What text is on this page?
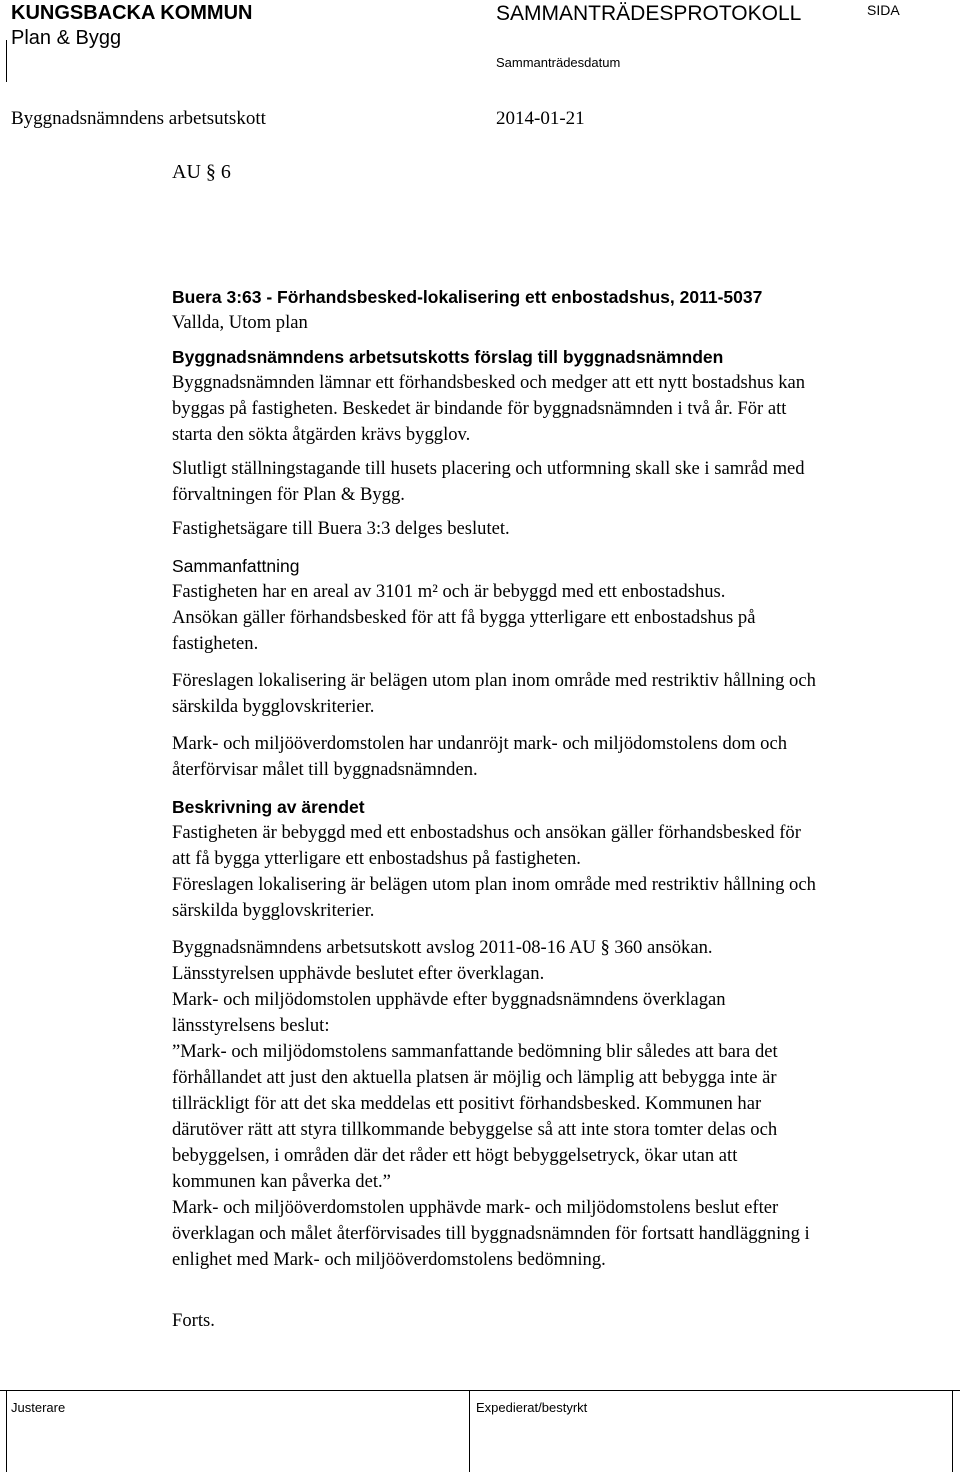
KUNGSBACKA KOMMUN
Plan & Bygg
SAMMANTRÄDESPROTOKOLL	SIDA
Sammanträdesdatum
Byggnadsnämndens arbetsutskott	2014-01-21
AU § 6

Buera 3:63 - Förhandsbesked-lokalisering ett enbostadshus, 2011-5037

Vallda, Utom plan

Byggnadsnämndens arbetsutskotts förslag till byggnadsnämnden

Byggnadsnämnden lämnar ett förhandsbesked och medger att ett nytt bostadshus kan

byggas på fastigheten. Beskedet är bindande för byggnadsnämnden i två år. För att

starta den sökta åtgärden krävs bygglov.

Slutligt ställningstagande till husets placering och utformning skall ske i samråd med

förvaltningen för Plan & Bygg.

Fastighetsägare till Buera 3:3 delges beslutet.

Sammanfattning

Fastigheten har en areal av 3101 m² och är bebyggd med ett enbostadshus.

Ansökan gäller förhandsbesked för att få bygga ytterligare ett enbostadshus på

fastigheten.

Föreslagen lokalisering är belägen utom plan inom område med restriktiv hållning och

särskilda bygglovskriterier.

Mark- och miljööverdomstolen har undanröjt mark- och miljödomstolens dom och

återförvisar målet till byggnadsnämnden.

Beskrivning av ärendet

Fastigheten är bebyggd med ett enbostadshus och ansökan gäller förhandsbesked för

att få bygga ytterligare ett enbostadshus på fastigheten.

Föreslagen lokalisering är belägen utom plan inom område med restriktiv hållning och

särskilda bygglovskriterier.

Byggnadsnämndens arbetsutskott avslog 2011-08-16 AU § 360 ansökan.

Länsstyrelsen upphävde beslutet efter överklagan.

Mark- och miljödomstolen upphävde efter byggnadsnämndens överklagan

länsstyrelsens beslut:

”Mark- och miljödomstolens sammanfattande bedömning blir således att bara det

förhållandet att just den aktuella platsen är möjlig och lämplig att bebygga inte är

tillräckligt för att det ska meddelas ett positivt förhandsbesked. Kommunen har

därutöver rätt att styra tillkommande bebyggelse så att inte stora tomter delas och

bebyggelsen, i områden där det råder ett högt bebyggelsetryck, ökar utan att

kommunen kan påverka det.”

Mark- och miljööverdomstolen upphävde mark- och miljödomstolens beslut efter

överklagan och målet återförvisades till byggnadsnämnden för fortsatt handläggning i

enlighet med Mark- och miljööverdomstolens bedömning.

Forts.

Justerare	Expedierat/bestyrkt
